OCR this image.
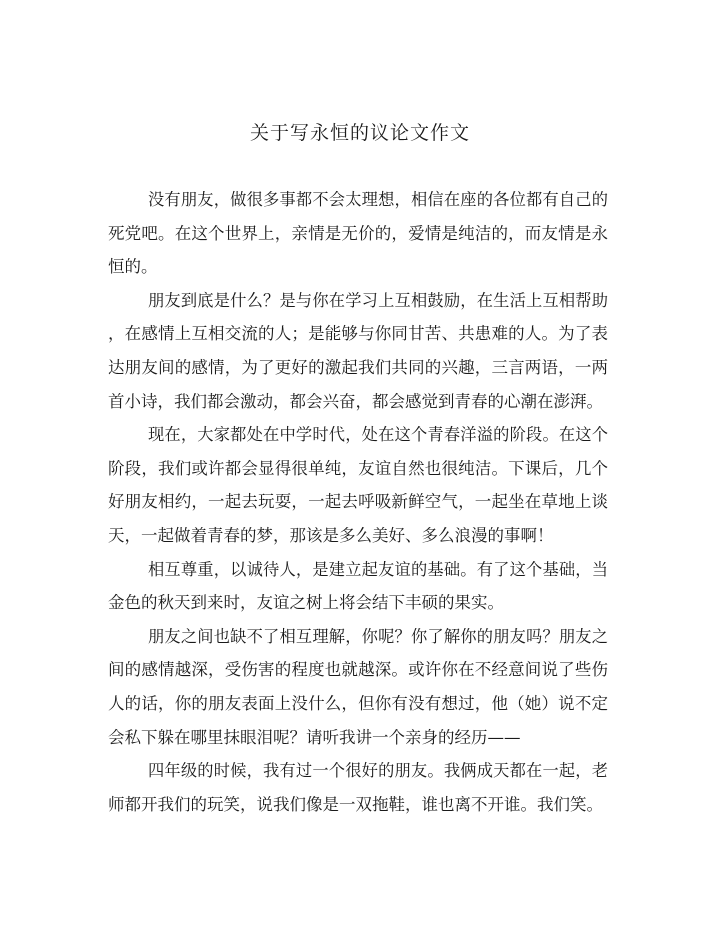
关于写永恒的议论文作文
没有朋友，做很多事都不会太理想，相信在座的各位都有自己的
死党吧。在这个世界上，亲情是无价的，爱情是纯洁的，而友情是永
恒的。
朋友到底是什么？是与你在学习上互相鼓励，在生活上互相帮助
，在感情上互相交流的人；是能够与你同甘苦、共患难的人。为了表
达朋友间的感情，为了更好的激起我们共同的兴趣，三言两语，一两
首小诗，我们都会激动，都会兴奋，都会感觉到青春的心潮在澎湃。
现在，大家都处在中学时代，处在这个青春洋溢的阶段。在这个
阶段，我们或许都会显得很单纯，友谊自然也很纯洁。下课后，几个
好朋友相约，一起去玩耍，一起去呼吸新鲜空气，一起坐在草地上谈
天，一起做着青春的梦，那该是多么美好、多么浪漫的事啊！
相互尊重，以诚待人，是建立起友谊的基础。有了这个基础，当
金色的秋天到来时，友谊之树上将会结下丰硕的果实。
朋友之间也缺不了相互理解，你呢？你了解你的朋友吗？朋友之
间的感情越深，受伤害的程度也就越深。或许你在不经意间说了些伤
人的话，你的朋友表面上没什么，但你有没有想过，他（她）说不定
会私下躲在哪里抹眼泪呢？请听我讲一个亲身的经历——
四年级的时候，我有过一个很好的朋友。我俩成天都在一起，老
师都开我们的玩笑，说我们像是一双拖鞋，谁也离不开谁。我们笑。
